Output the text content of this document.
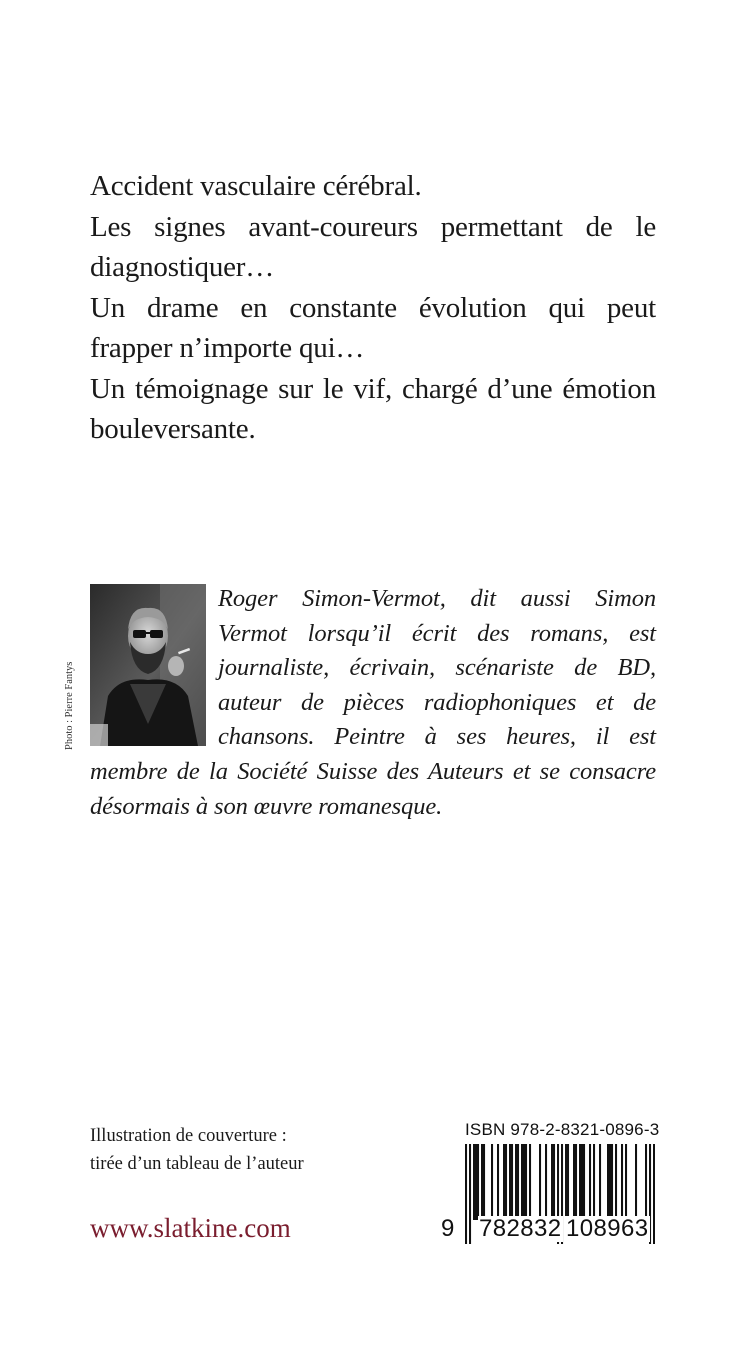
Accident vasculaire cérébral.

Les signes avant-coureurs permettant de le diagnostiquer…

Un drame en constante évolution qui peut frapper n’importe qui…

Un témoignage sur le vif, chargé d’une émotion bouleversante.

Photo : Pierre Fantys

Roger Simon-Vermot, dit aussi Simon Vermot lorsqu’il écrit des romans, est journaliste, écrivain, scénariste de BD, auteur de pièces radiophoniques et de chansons. Peintre à ses heures, il est membre de la Société Suisse des Auteurs et se consacre désormais à son œuvre romanesque.

Illustration de couverture :
tirée d’un tableau de l’auteur
www.slatkine.com
ISBN 978-2-8321-0896-3
9 782832 108963
